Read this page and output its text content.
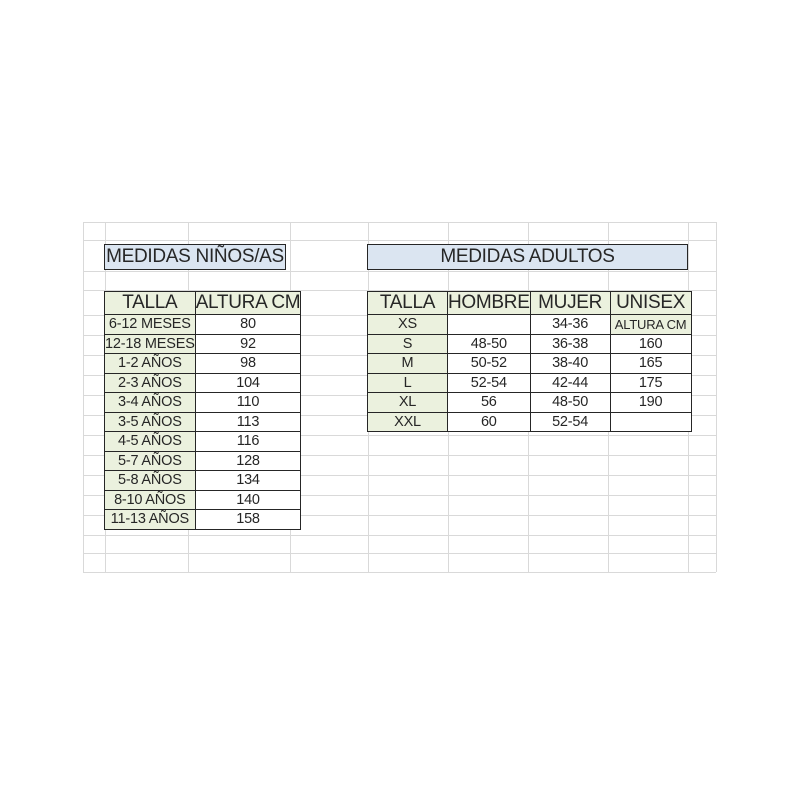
MEDIDAS NIÑOS/AS	MEDIDAS ADULTOS
TALLA	ALTURA CM
6-12 MESES	80
12-18 MESES	92
1-2 AÑOS	98
2-3 AÑOS	104
3-4 AÑOS	110
3-5 AÑOS	113
4-5 AÑOS	116
5-7 AÑOS	128
5-8 AÑOS	134
8-10 AÑOS	140
11-13 AÑOS	158
TALLA	HOMBRE	MUJER	UNISEX
XS		34-36	ALTURA CM
S	48-50	36-38	160
M	50-52	38-40	165
L	52-54	42-44	175
XL	56	48-50	190
XXL	60	52-54	
